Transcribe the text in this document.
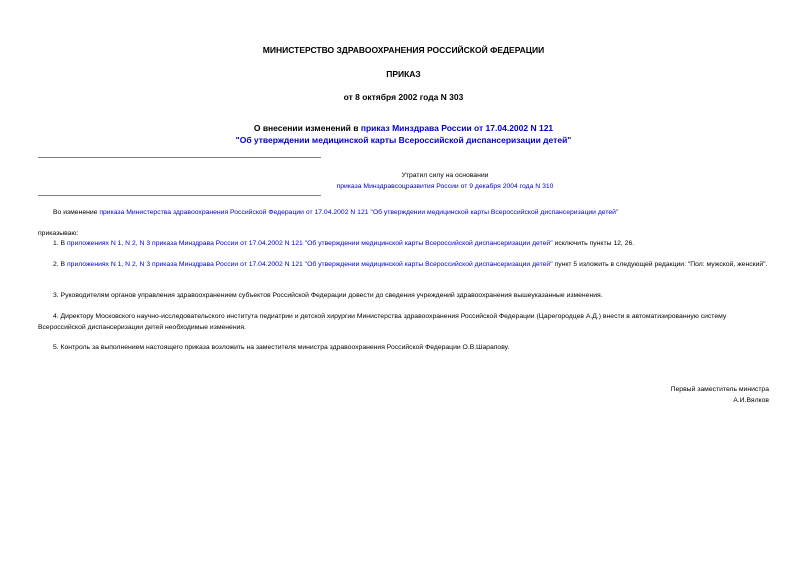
МИНИСТЕРСТВО ЗДРАВООХРАНЕНИЯ РОССИЙСКОЙ ФЕДЕРАЦИИ
ПРИКАЗ
от 8 октября 2002 года N 303
О внесении изменений в приказ Минздрава России от 17.04.2002 N 121
"Об утверждении медицинской карты Всероссийской диспансеризации детей"
Утратил силу на основании
приказа Минздравсоцразвития России от 9 декабря 2004 года N 310
Во изменение приказа Министерства здравоохранения Российской Федерации от 17.04.2002 N 121 "Об утверждении медицинской карты Всероссийской диспансеризации детей"
приказываю:
1. В приложениях N 1, N 2, N 3 приказа Минздрава России от 17.04.2002 N 121 "Об утверждении медицинской карты Всероссийской диспансеризации детей" исключить пункты 12, 26.
2. В приложениях N 1, N 2, N 3 приказа Минздрава России от 17.04.2002 N 121 "Об утверждении медицинской карты Всероссийской диспансеризации детей" пункт 5 изложить в следующей редакции: "Пол: мужской, женский".
3. Руководителям органов управления здравоохранением субъектов Российской Федерации довести до сведения учреждений здравоохранения вышеуказанные изменения.
4. Директору Московского научно-исследовательского института педиатрии и детской хирургии Министерства здравоохранения Российской Федерации (Царегородцев А.Д.) внести в автоматизированную систему Всероссийской диспансеризации детей необходимые изменения.
5. Контроль за выполнением настоящего приказа возложить на заместителя министра здравоохранения Российской Федерации О.В.Шарапову.
Первый заместитель министра
А.И.Вялков
